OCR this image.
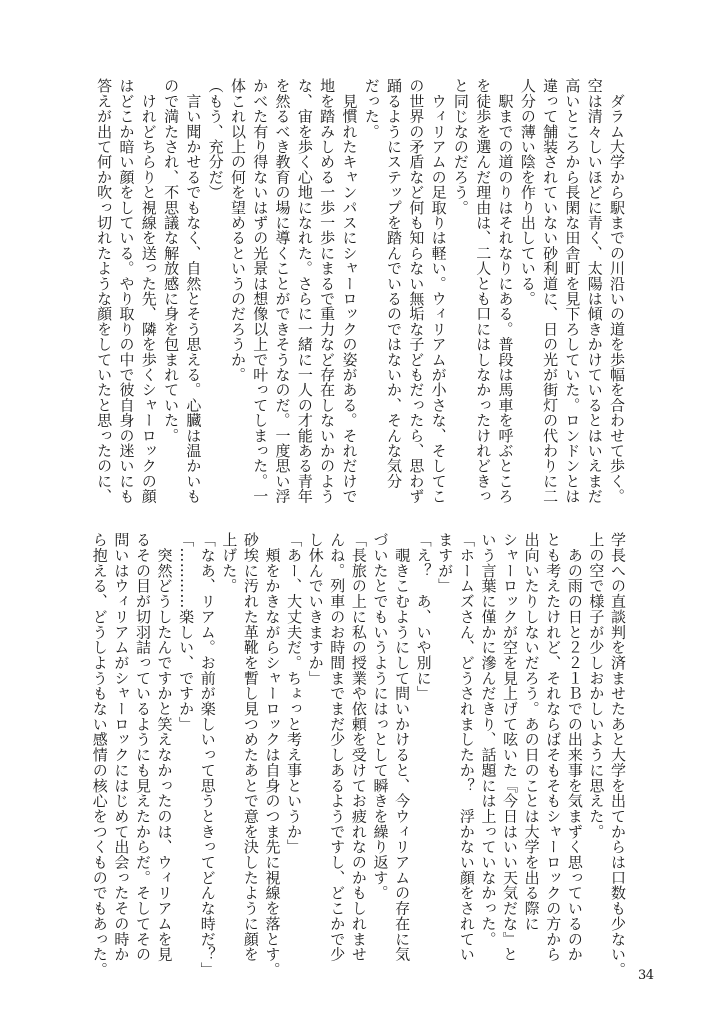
　ダラム大学から駅までの川沿いの道を歩幅を合わせて歩く。
空は清々しいほどに青く、太陽は傾きかけているとはいえまだ
高いところから長閑な田舎町を見下ろしていた。ロンドンとは
違って舗装されていない砂利道に、日の光が街灯の代わりに二
人分の薄い陰を作り出している。
　駅までの道のりはそれなりにある。普段は馬車を呼ぶところ
を徒歩を選んだ理由は、二人とも口にはしなかったけれどきっ
と同じなのだろう。
　ウィリアムの足取りは軽い。ウィリアムが小さな、そしてこ
の世界の矛盾など何も知らない無垢な子どもだったら、思わず
踊るようにステップを踏んでいるのではないか、そんな気分
だった。
　見慣れたキャンパスにシャーロックの姿がある。それだけで
地を踏みしめる一歩一歩にまるで重力など存在しないかのよう
な、宙を歩く心地になれた。さらに一緒に一人の才能ある青年
を然るべき教育の場に導くことができそうなのだ。一度思い浮
かべた有り得ないはずの光景は想像以上で叶ってしまった。一
体これ以上の何を望めるというのだろうか。
（もう、充分だ）
　言い聞かせるでもなく、自然とそう思える。心臓は温かいも
ので満たされ、不思議な解放感に身を包まれていた。
　けれどちらりと視線を送った先、隣を歩くシャーロックの顔
はどこか暗い顔をしている。やり取りの中で彼自身の迷いにも
答えが出て何か吹っ切れたような顔をしていたと思ったのに、
学長への直談判を済ませたあと大学を出てからは口数も少ない。
上の空で様子が少しおかしいように思えた。
　あの雨の日と２２１Ｂでの出来事を気まずく思っているのか
とも考えたけれど、それならばそもそもシャーロックの方から
出向いたりしないだろう。あの日のことは大学を出る際に
シャーロックが空を見上げて呟いた『今日はいい天気だな』と
いう言葉に僅かに滲んだきり、話題には上っていなかった。
「ホームズさん、どうされましたか？　浮かない顔をされてい
ますが」
「え？　あ、いや別に」
　覗きこむようにして問いかけると、今ウィリアムの存在に気
づいたとでもいうようにはっとして瞬きを繰り返す。
「長旅の上に私の授業や依頼を受けてお疲れなのかもしれませ
んね。列車のお時間までまだ少しあるようですし、どこかで少
し休んでいきますか」
「あー、大丈夫だ。ちょっと考え事というか」
　頬をかきながらシャーロックは自身のつま先に視線を落とす。
砂埃に汚れた革靴を暫し見つめたあとで意を決したように顔を
上げた。
「なあ、リアム。お前が楽しいって思うときってどんな時だ？」
「…………楽しい、ですか」
　突然どうしたんですかと笑えなかったのは、ウィリアムを見
るその目が切羽詰っているようにも見えたからだ。そしてその
問いはウィリアムがシャーロックにはじめて出会ったその時か
ら抱える、どうしようもない感情の核心をつくものでもあった。	34
